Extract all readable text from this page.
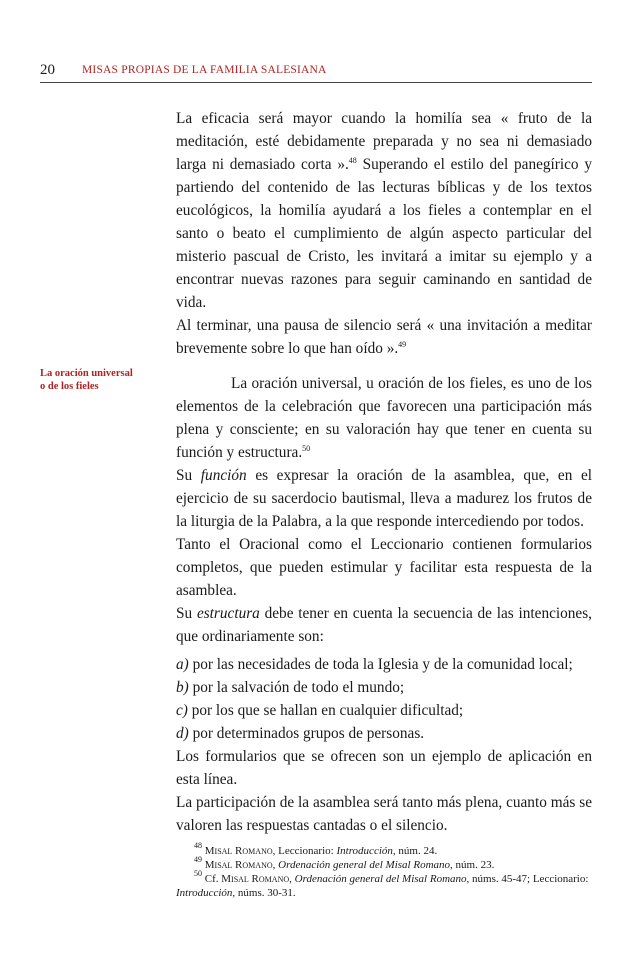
20 MISAS PROPIAS DE LA FAMILIA SALESIANA
La oración universal
o de los fieles

La eficacia será mayor cuando la homilía sea « fruto de la meditación, esté debidamente preparada y no sea ni demasiado larga ni demasiado corta ».$^{48}$ Superando el estilo del panegírico y partiendo del contenido de las lecturas bíblicas y de los textos eucológicos, la homilía ayudará a los fieles a contemplar en el santo o beato el cumplimiento de algún aspecto particular del misterio pascual de Cristo, les invitará a imitar su ejemplo y a encontrar nuevas razones para seguir caminando en santidad de vida.

Al terminar, una pausa de silencio será « una invitación a meditar brevemente sobre lo que han oído ».$^{49}$

La oración universal, u oración de los fieles, es uno de los elementos de la celebración que favorecen una participación más plena y consciente; en su valoración hay que tener en cuenta su función y estructura.$^{50}$

Su función es expresar la oración de la asamblea, que, en el ejercicio de su sacerdocio bautismal, lleva a madurez los frutos de la liturgia de la Palabra, a la que responde intercediendo por todos.

Tanto el Oracional como el Leccionario contienen formularios completos, que pueden estimular y facilitar esta respuesta de la asamblea.

Su estructura debe tener en cuenta la secuencia de las intenciones, que ordinariamente son:

a) por las necesidades de toda la Iglesia y de la comunidad local;

b) por la salvación de todo el mundo;

c) por los que se hallan en cualquier dificultad;

d) por determinados grupos de personas.

Los formularios que se ofrecen son un ejemplo de aplicación en esta línea.

La participación de la asamblea será tanto más plena, cuanto más se valoren las respuestas cantadas o el silencio.

$^{48}$ Misal Romano, Leccionario: Introducción, núm. 24.

$^{49}$ Misal Romano, Ordenación general del Misal Romano, núm. 23.

$^{50}$ Cf. Misal Romano, Ordenación general del Misal Romano, núms. 45-47; Leccionario: Introducción, núms. 30-31.
